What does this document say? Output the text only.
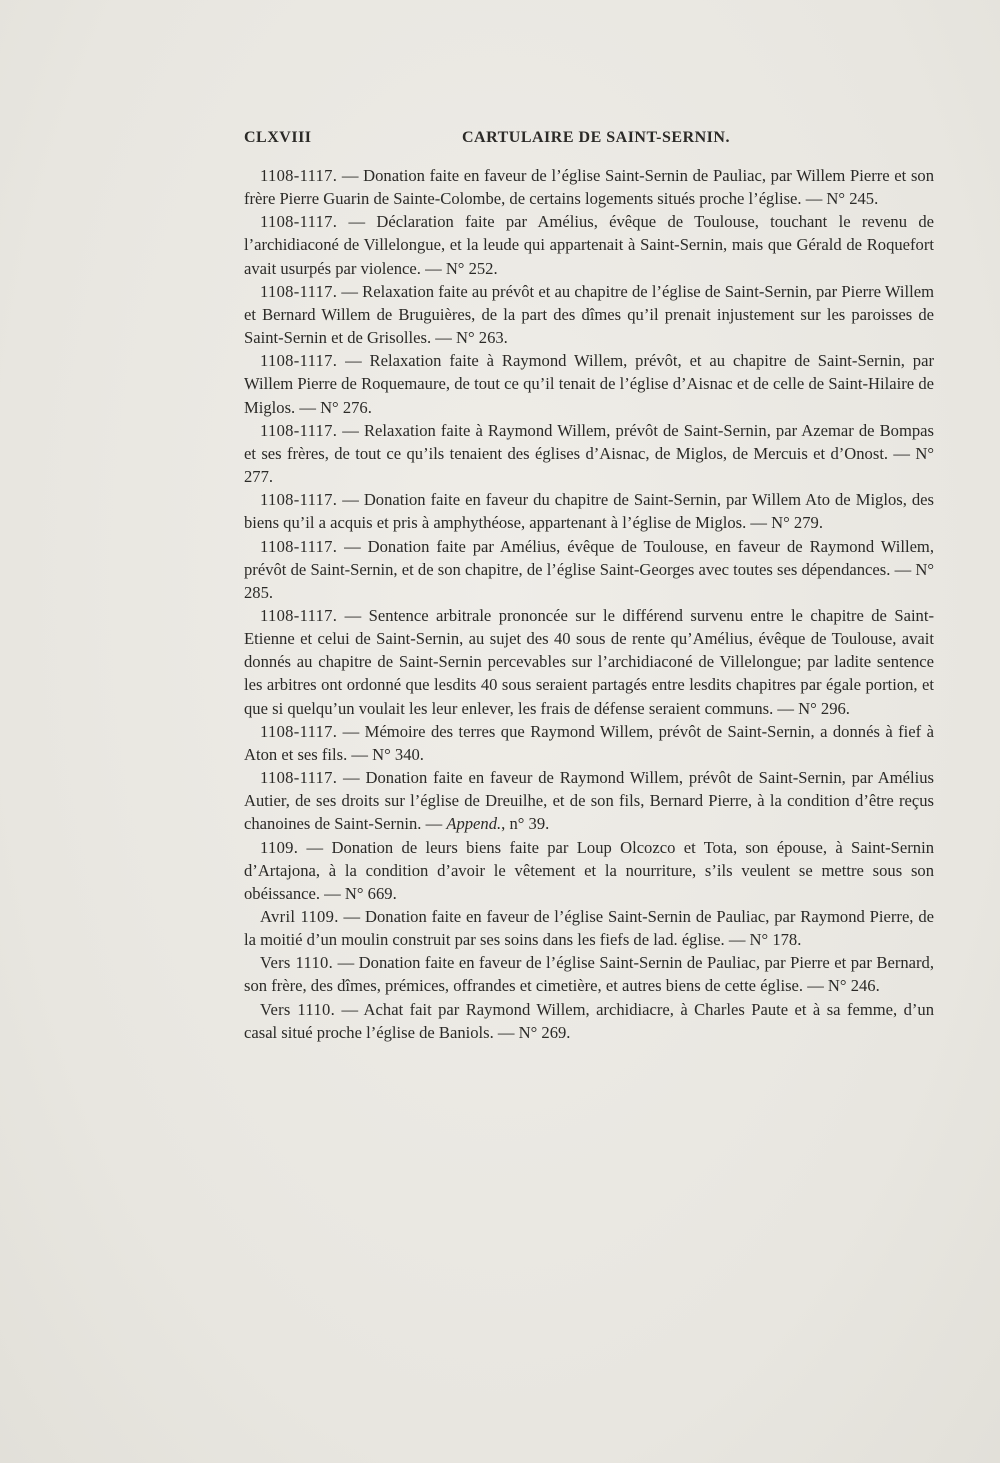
CLXVIII	CARTULAIRE DE SAINT-SERNIN.

1108-1117. — Donation faite en faveur de l’église Saint-Sernin de Pauliac, par Willem Pierre et son frère Pierre Guarin de Sainte-Colombe, de certains logements situés proche l’église. — N° 245.

1108-1117. — Déclaration faite par Amélius, évêque de Toulouse, touchant le revenu de l’archidiaconé de Villelongue, et la leude qui appartenait à Saint-Sernin, mais que Gérald de Roquefort avait usurpés par violence. — N° 252.

1108-1117. — Relaxation faite au prévôt et au chapitre de l’église de Saint-Sernin, par Pierre Willem et Bernard Willem de Bruguières, de la part des dîmes qu’il prenait injustement sur les paroisses de Saint-Sernin et de Grisolles. — N° 263.

1108-1117. — Relaxation faite à Raymond Willem, prévôt, et au chapitre de Saint-Sernin, par Willem Pierre de Roquemaure, de tout ce qu’il tenait de l’église d’Aisnac et de celle de Saint-Hilaire de Miglos. — N° 276.

1108-1117. — Relaxation faite à Raymond Willem, prévôt de Saint-Sernin, par Azemar de Bompas et ses frères, de tout ce qu’ils tenaient des églises d’Aisnac, de Miglos, de Mercuis et d’Onost. — N° 277.

1108-1117. — Donation faite en faveur du chapitre de Saint-Sernin, par Willem Ato de Miglos, des biens qu’il a acquis et pris à amphythéose, appartenant à l’église de Miglos. — N° 279.

1108-1117. — Donation faite par Amélius, évêque de Toulouse, en faveur de Raymond Willem, prévôt de Saint-Sernin, et de son chapitre, de l’église Saint-Georges avec toutes ses dépendances. — N° 285.

1108-1117. — Sentence arbitrale prononcée sur le différend survenu entre le chapitre de Saint-Etienne et celui de Saint-Sernin, au sujet des 40 sous de rente qu’Amélius, évêque de Toulouse, avait donnés au chapitre de Saint-Sernin percevables sur l’archidiaconé de Villelongue; par ladite sentence les arbitres ont ordonné que lesdits 40 sous seraient partagés entre lesdits chapitres par égale portion, et que si quelqu’un voulait les leur enlever, les frais de défense seraient communs. — N° 296.

1108-1117. — Mémoire des terres que Raymond Willem, prévôt de Saint-Sernin, a donnés à fief à Aton et ses fils. — N° 340.

1108-1117. — Donation faite en faveur de Raymond Willem, prévôt de Saint-Sernin, par Amélius Autier, de ses droits sur l’église de Dreuilhe, et de son fils, Bernard Pierre, à la condition d’être reçus chanoines de Saint-Sernin. — Append., n° 39.

1109. — Donation de leurs biens faite par Loup Olcozco et Tota, son épouse, à Saint-Sernin d’Artajona, à la condition d’avoir le vêtement et la nourriture, s’ils veulent se mettre sous son obéissance. — N° 669.

Avril 1109. — Donation faite en faveur de l’église Saint-Sernin de Pauliac, par Raymond Pierre, de la moitié d’un moulin construit par ses soins dans les fiefs de lad. église. — N° 178.

Vers 1110. — Donation faite en faveur de l’église Saint-Sernin de Pauliac, par Pierre et par Bernard, son frère, des dîmes, prémices, offrandes et cimetière, et autres biens de cette église. — N° 246.

Vers 1110. — Achat fait par Raymond Willem, archidiacre, à Charles Paute et à sa femme, d’un casal situé proche l’église de Baniols. — N° 269.
